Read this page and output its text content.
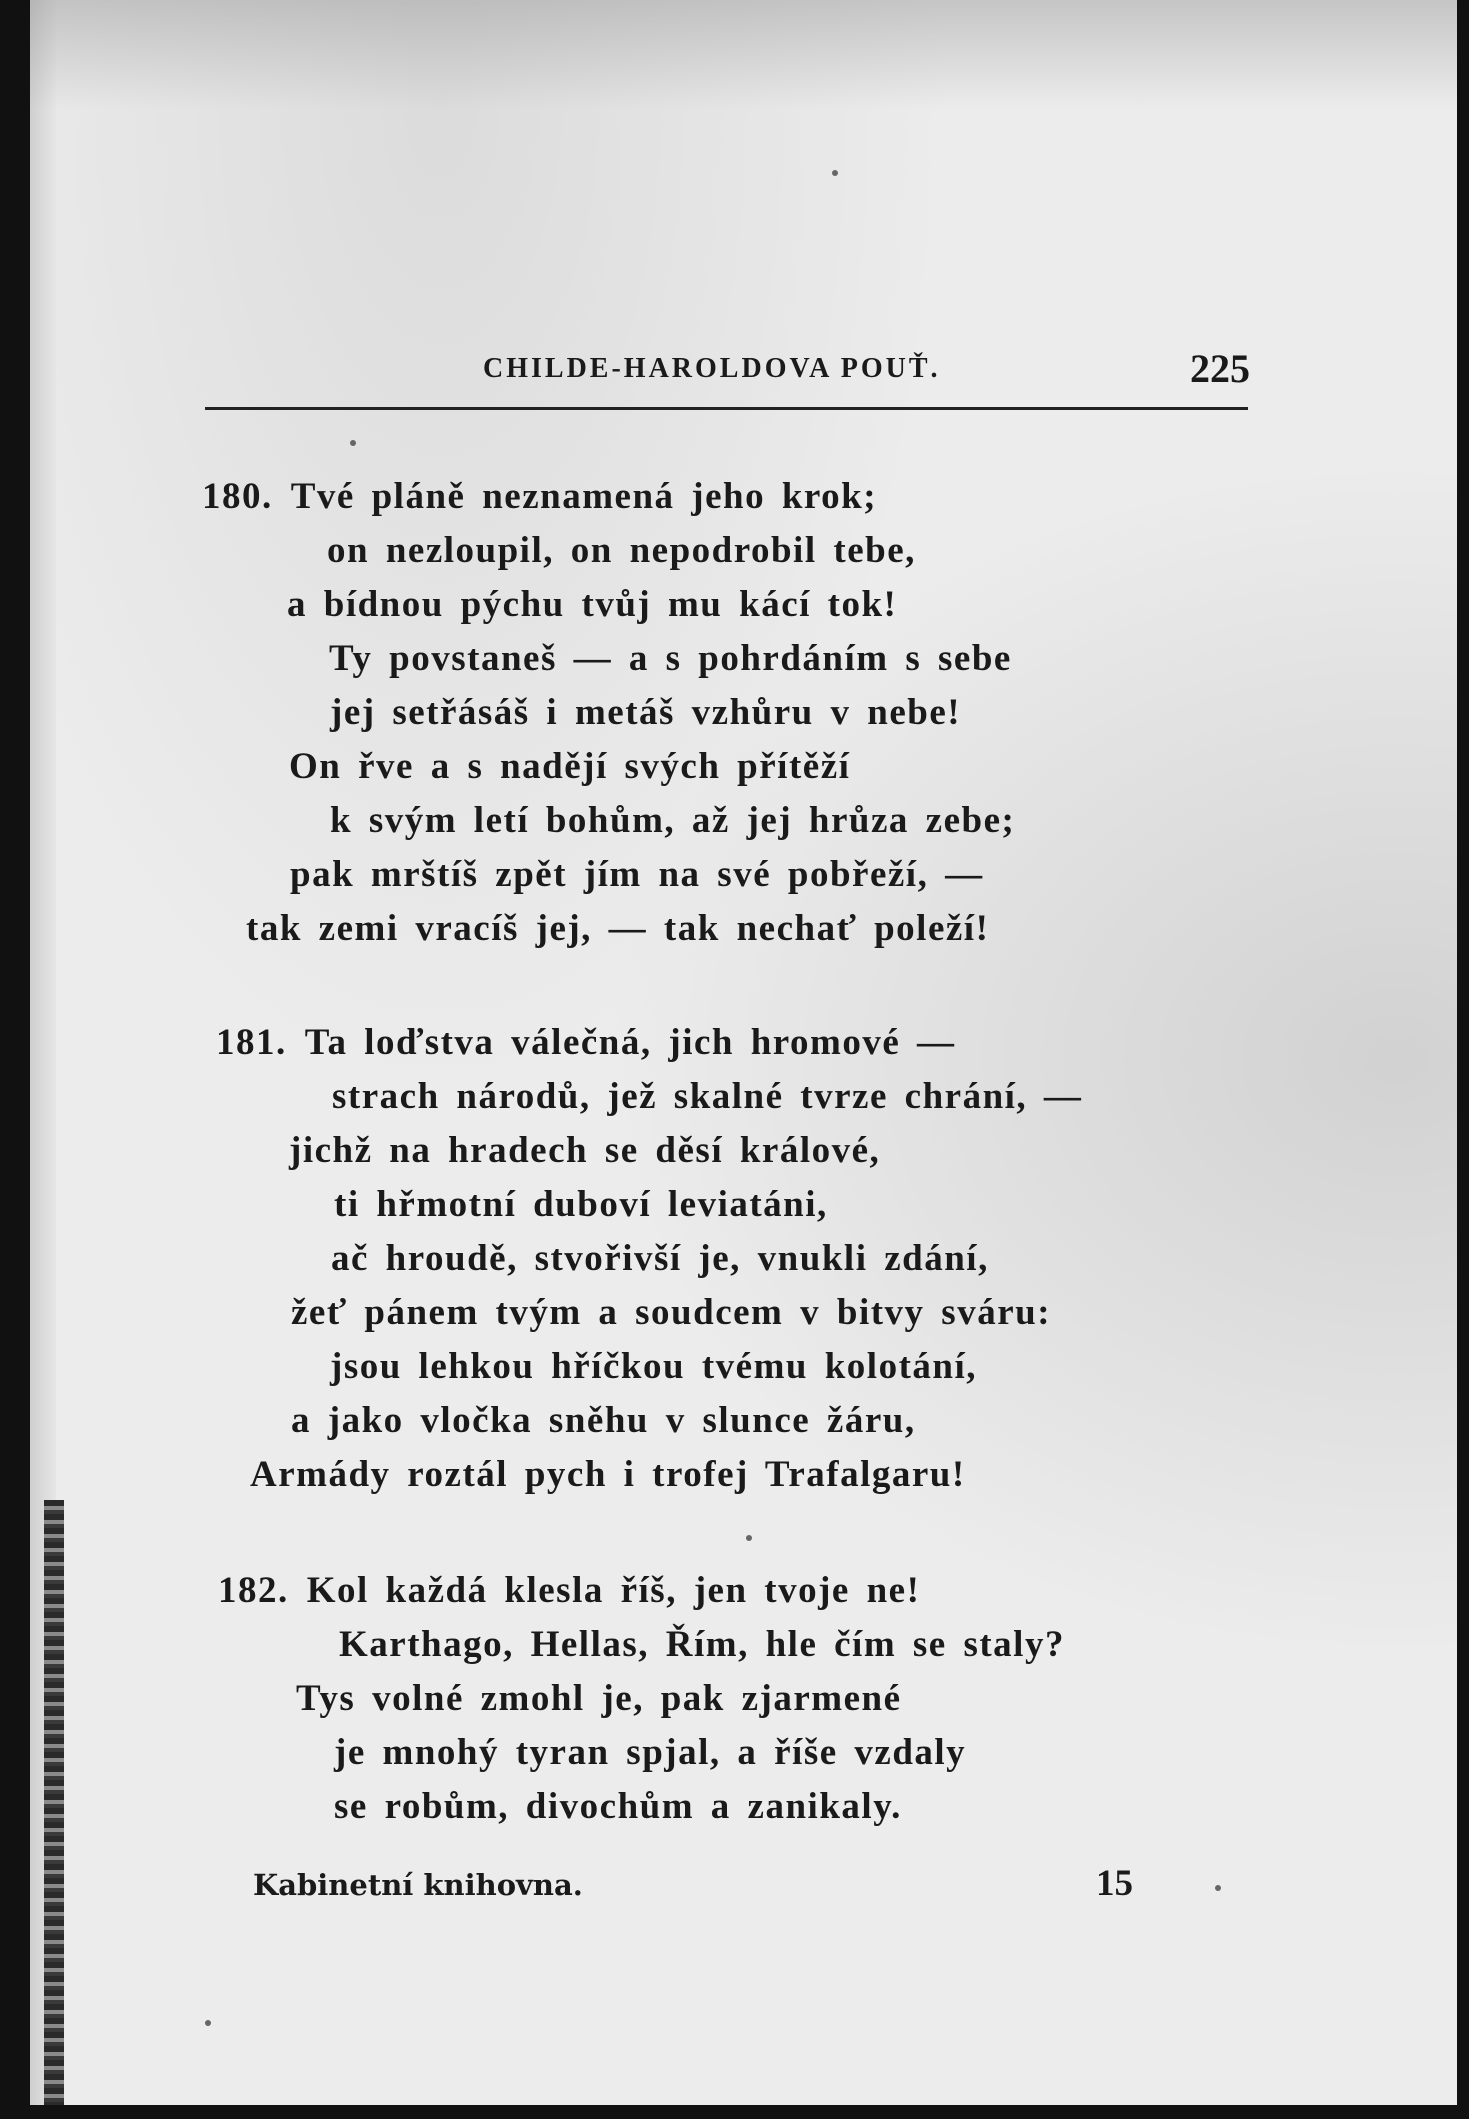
CHILDE-HAROLDOVA POUŤ.	225
180. Tvé pláně neznamená jeho krok;
on nezloupil, on nepodrobil tebe,
a bídnou pýchu tvůj mu kácí tok!
Ty povstaneš — a s pohrdáním s sebe
jej setřásáš i metáš vzhůru v nebe!
On řve a s nadějí svých přítěží
k svým letí bohům, až jej hrůza zebe;
pak mrštíš zpět jím na své pobřeží, —
tak zemi vracíš jej, — tak nechať poleží!
181. Ta loďstva válečná, jich hromové —
strach národů, jež skalné tvrze chrání, —
jichž na hradech se děsí králové,
ti hřmotní duboví leviatáni,
ač hroudě, stvořivší je, vnukli zdání,
žeť pánem tvým a soudcem v bitvy sváru:
jsou lehkou hříčkou tvému kolotání,
a jako vločka sněhu v slunce žáru,
Armády roztál pych i trofej Trafalgaru!
182. Kol každá klesla říš, jen tvoje ne!
Karthago, Hellas, Řím, hle čím se staly?
Tys volné zmohl je, pak zjarmené
je mnohý tyran spjal, a říše vzdaly
se robům, divochům a zanikaly.
Kabinetní knihovna.	15
